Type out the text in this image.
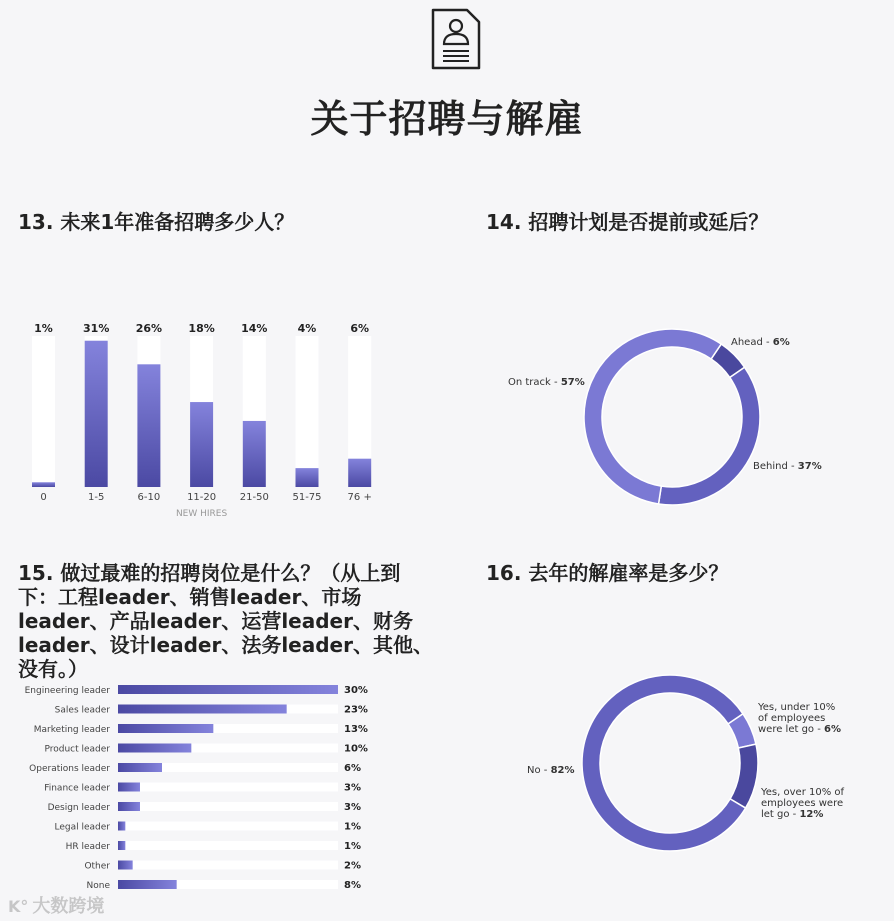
关于招聘与解雇
13. 未来1年准备招聘多少人？	14. 招聘计划是否提前或延后？
15. 做过最难的招聘岗位是什么？（从上到下：工程leader、销售leader、市场leader、产品leader、运营leader、财务leader、设计leader、法务leader、其他、没有。）
16. 去年的解雇率是多少？
1%
0
31%
1-5
26%
6-10
18%
11-20
14%
21-50
4%
51-75
6%
76 +
NEW HIRES
Ahead - 6%
Behind - 37%
On track - 57%
Engineering leader	30%
Sales leader	23%
Marketing leader	13%
Product leader	10%
Operations leader	6%
Finance leader	3%
Design leader	3%
Legal leader	1%
HR leader	1%
Other	2%
None	8%
Yes, under 10% of employees were let go - 6%
Yes, over 10% of employees were let go - 12%
No - 82%
K° 大数跨境
